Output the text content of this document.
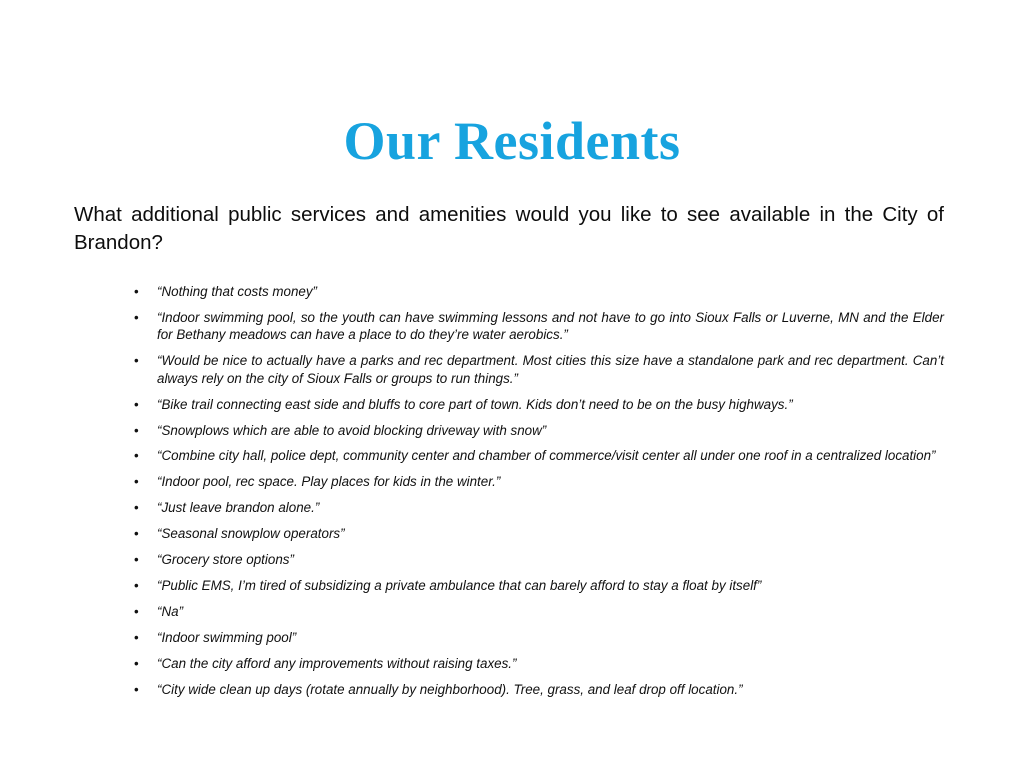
Our Residents

What additional public services and amenities would you like to see available in the City of Brandon?

• “Nothing that costs money”
• “Indoor swimming pool, so the youth can have swimming lessons and not have to go into Sioux Falls or Luverne, MN and the Elder for Bethany meadows can have a place to do they’re water aerobics.”
• “Would be nice to actually have a parks and rec department. Most cities this size have a standalone park and rec department. Can’t always rely on the city of Sioux Falls or groups to run things.”
• “Bike trail connecting east side and bluffs to core part of town. Kids don’t need to be on the busy highways.”
• “Snowplows which are able to avoid blocking driveway with snow”
• “Combine city hall, police dept, community center and chamber of commerce/visit center all under one roof in a centralized location”
• “Indoor pool, rec space. Play places for kids in the winter.”
• “Just leave brandon alone.”
• “Seasonal snowplow operators”
• “Grocery store options”
• “Public EMS, I’m tired of subsidizing a private ambulance that can barely afford to stay a float by itself”
• “Na”
• “Indoor swimming pool”
• “Can the city afford any improvements without raising taxes.”
• “City wide clean up days (rotate annually by neighborhood). Tree, grass, and leaf drop off location.”
